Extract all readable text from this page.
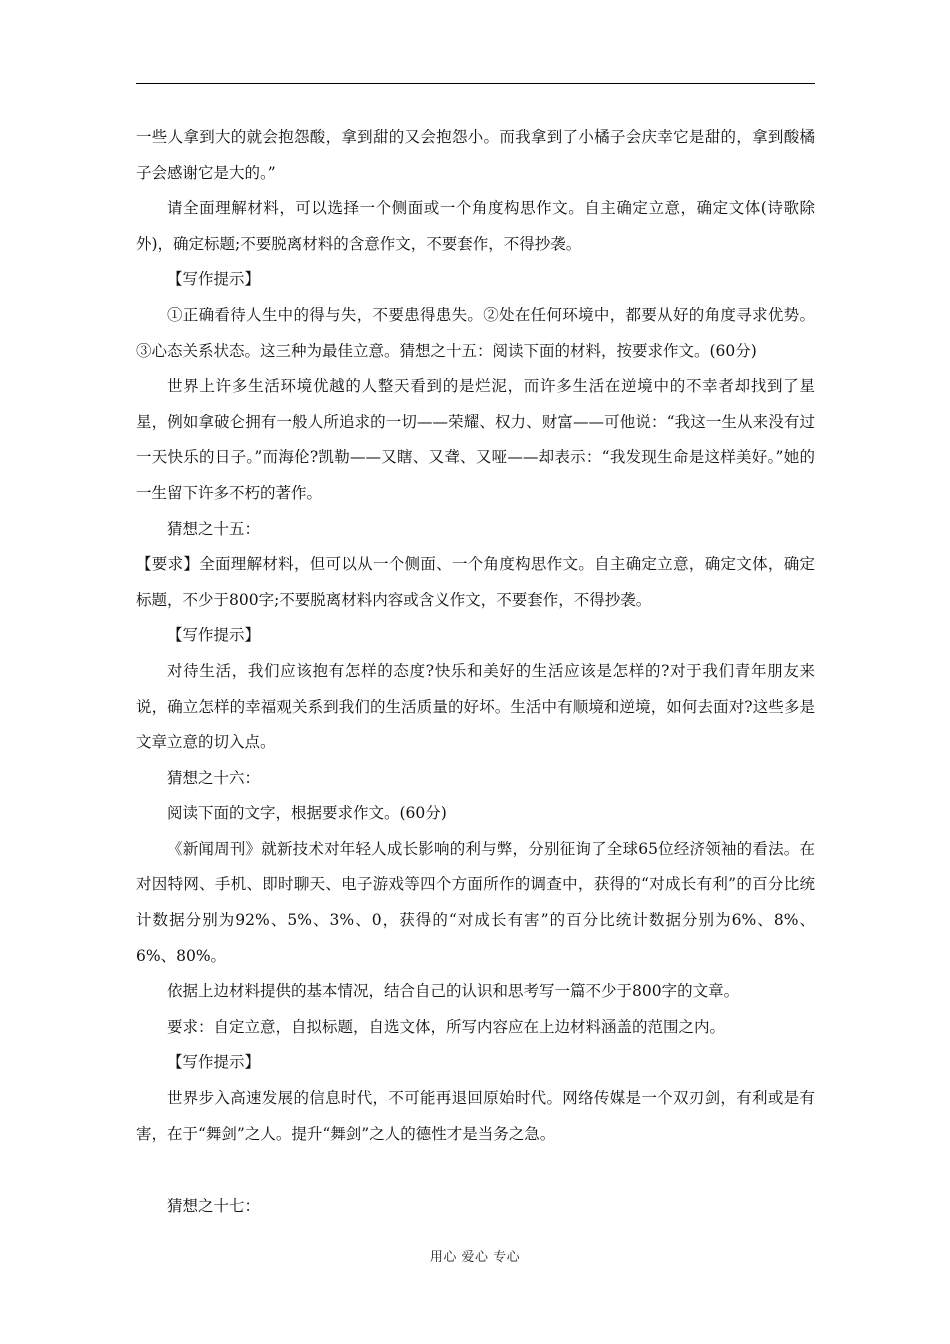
一些人拿到大的就会抱怨酸，拿到甜的又会抱怨小。而我拿到了小橘子会庆幸它是甜的，拿到酸橘子会感谢它是大的。”

请全面理解材料，可以选择一个侧面或一个角度构思作文。自主确定立意，确定文体(诗歌除外)，确定标题;不要脱离材料的含意作文，不要套作，不得抄袭。

【写作提示】

①正确看待人生中的得与失，不要患得患失。②处在任何环境中，都要从好的角度寻求优势。③心态关系状态。这三种为最佳立意。猜想之十五：阅读下面的材料，按要求作文。(60分)

世界上许多生活环境优越的人整天看到的是烂泥，而许多生活在逆境中的不幸者却找到了星星，例如拿破仑拥有一般人所追求的一切——荣耀、权力、财富——可他说：“我这一生从来没有过一天快乐的日子。”而海伦?凯勒——又瞎、又聋、又哑——却表示：“我发现生命是这样美好。”她的一生留下许多不朽的著作。

猜想之十五：

【要求】全面理解材料，但可以从一个侧面、一个角度构思作文。自主确定立意，确定文体，确定标题，不少于800字;不要脱离材料内容或含义作文，不要套作，不得抄袭。

【写作提示】

对待生活，我们应该抱有怎样的态度?快乐和美好的生活应该是怎样的?对于我们青年朋友来说，确立怎样的幸福观关系到我们的生活质量的好坏。生活中有顺境和逆境，如何去面对?这些多是文章立意的切入点。

猜想之十六：

阅读下面的文字，根据要求作文。(60分)

《新闻周刊》就新技术对年轻人成长影响的利与弊，分别征询了全球65位经济领袖的看法。在对因特网、手机、即时聊天、电子游戏等四个方面所作的调查中，获得的“对成长有利”的百分比统计数据分别为92%、5%、3%、0，获得的“对成长有害”的百分比统计数据分别为6%、8%、6%、80%。

依据上边材料提供的基本情况，结合自己的认识和思考写一篇不少于800字的文章。

要求：自定立意，自拟标题，自选文体，所写内容应在上边材料涵盖的范围之内。

【写作提示】

世界步入高速发展的信息时代，不可能再退回原始时代。网络传媒是一个双刃剑，有利或是有害，在于“舞剑”之人。提升“舞剑”之人的德性才是当务之急。

猜想之十七：

用心 爱心 专心
